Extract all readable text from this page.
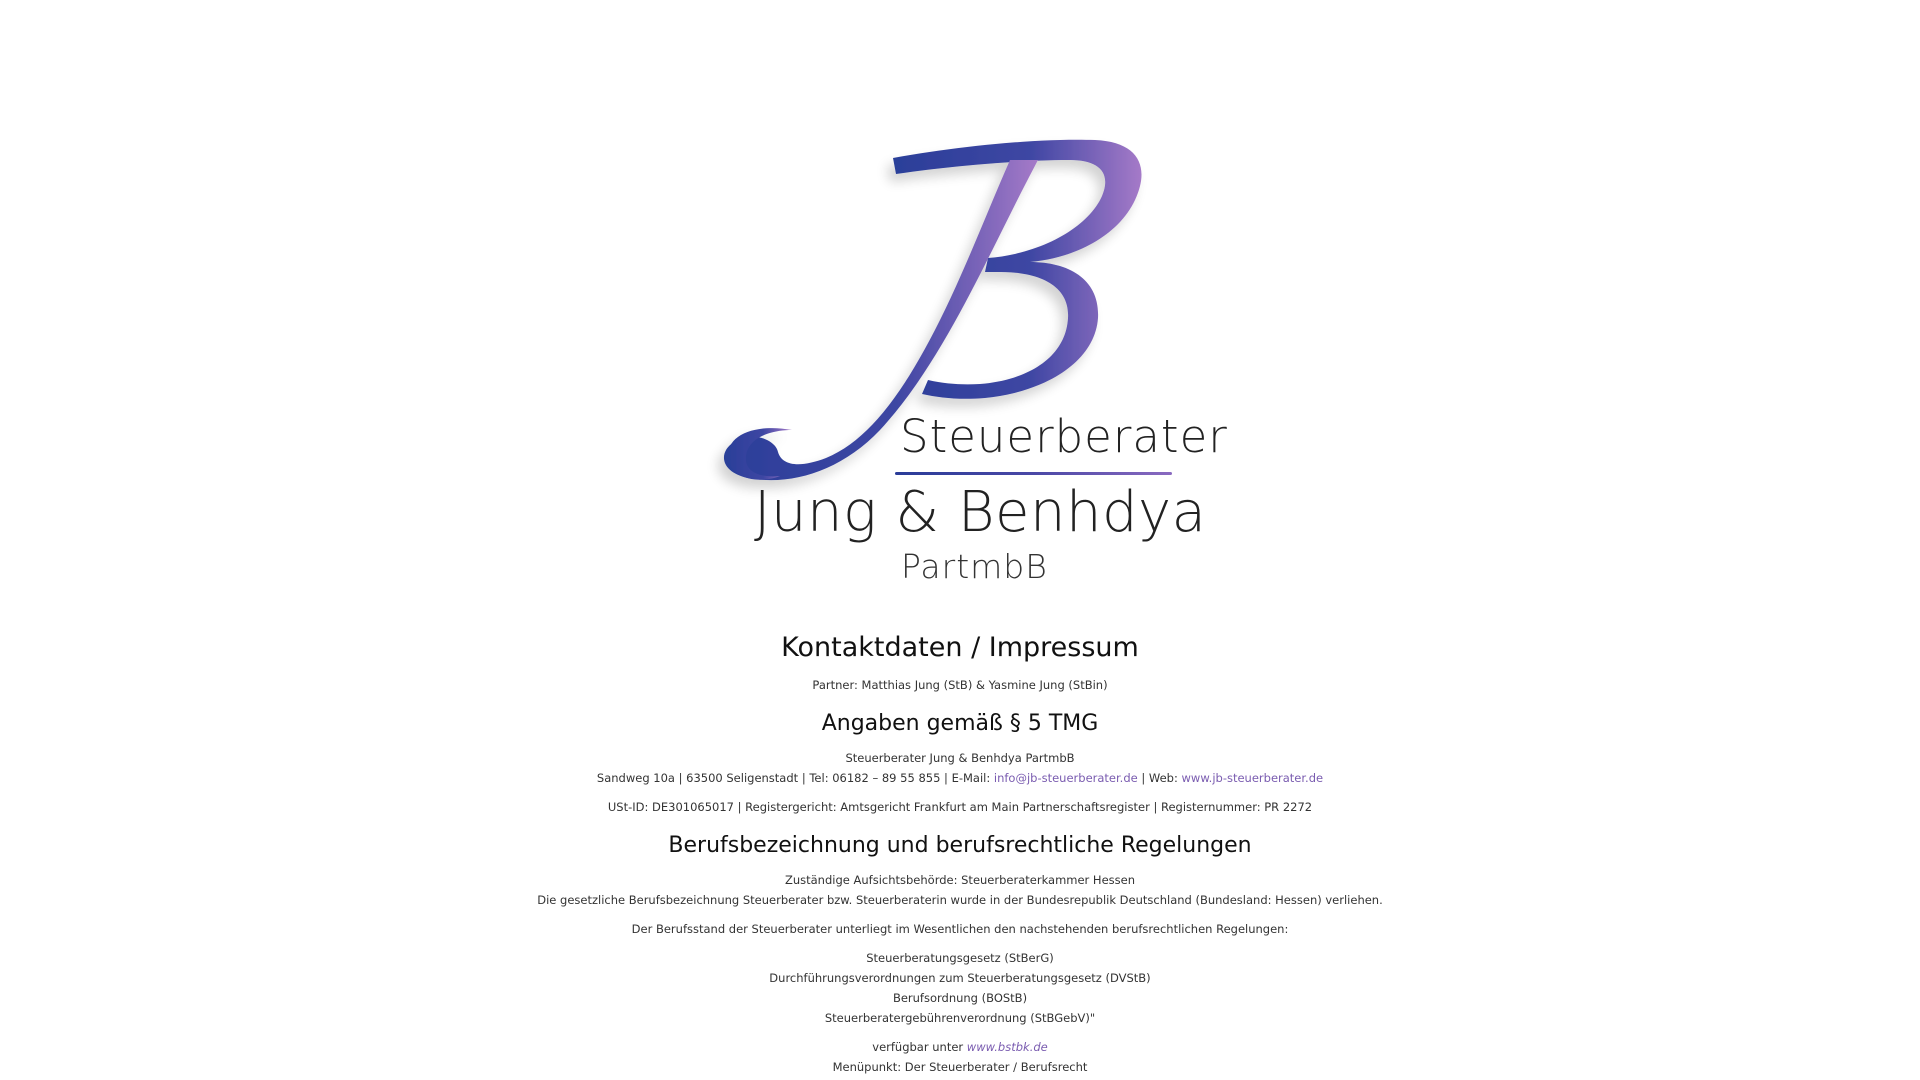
Steuerberater
Jung & Benhdya
PartmbB
Kontaktdaten / Impressum

Partner: Matthias Jung (StB) & Yasmine Jung (StBin)

Angaben gemäß § 5 TMG

Steuerberater Jung & Benhdya PartmbB

Sandweg 10a | 63500 Seligenstadt | Tel: 06182 – 89 55 855 | E-Mail: info@jb-steuerberater.de | Web: www.jb-steuerberater.de

USt-ID: DE301065017 | Registergericht: Amtsgericht Frankfurt am Main Partnerschaftsregister | Registernummer: PR 2272

Berufsbezeichnung und berufsrechtliche Regelungen

Zuständige Aufsichtsbehörde: Steuerberaterkammer Hessen

Die gesetzliche Berufsbezeichnung Steuerberater bzw. Steuerberaterin wurde in der Bundesrepublik Deutschland (Bundesland: Hessen) verliehen.

Der Berufsstand der Steuerberater unterliegt im Wesentlichen den nachstehenden berufsrechtlichen Regelungen:

Steuerberatungsgesetz (StBerG)

Durchführungsverordnungen zum Steuerberatungsgesetz (DVStB)

Berufsordnung (BOStB)

Steuerberatergebührenverordnung (StBGebV)"

verfügbar unter www.bstbk.de

Menüpunkt: Der Steuerberater / Berufsrecht
